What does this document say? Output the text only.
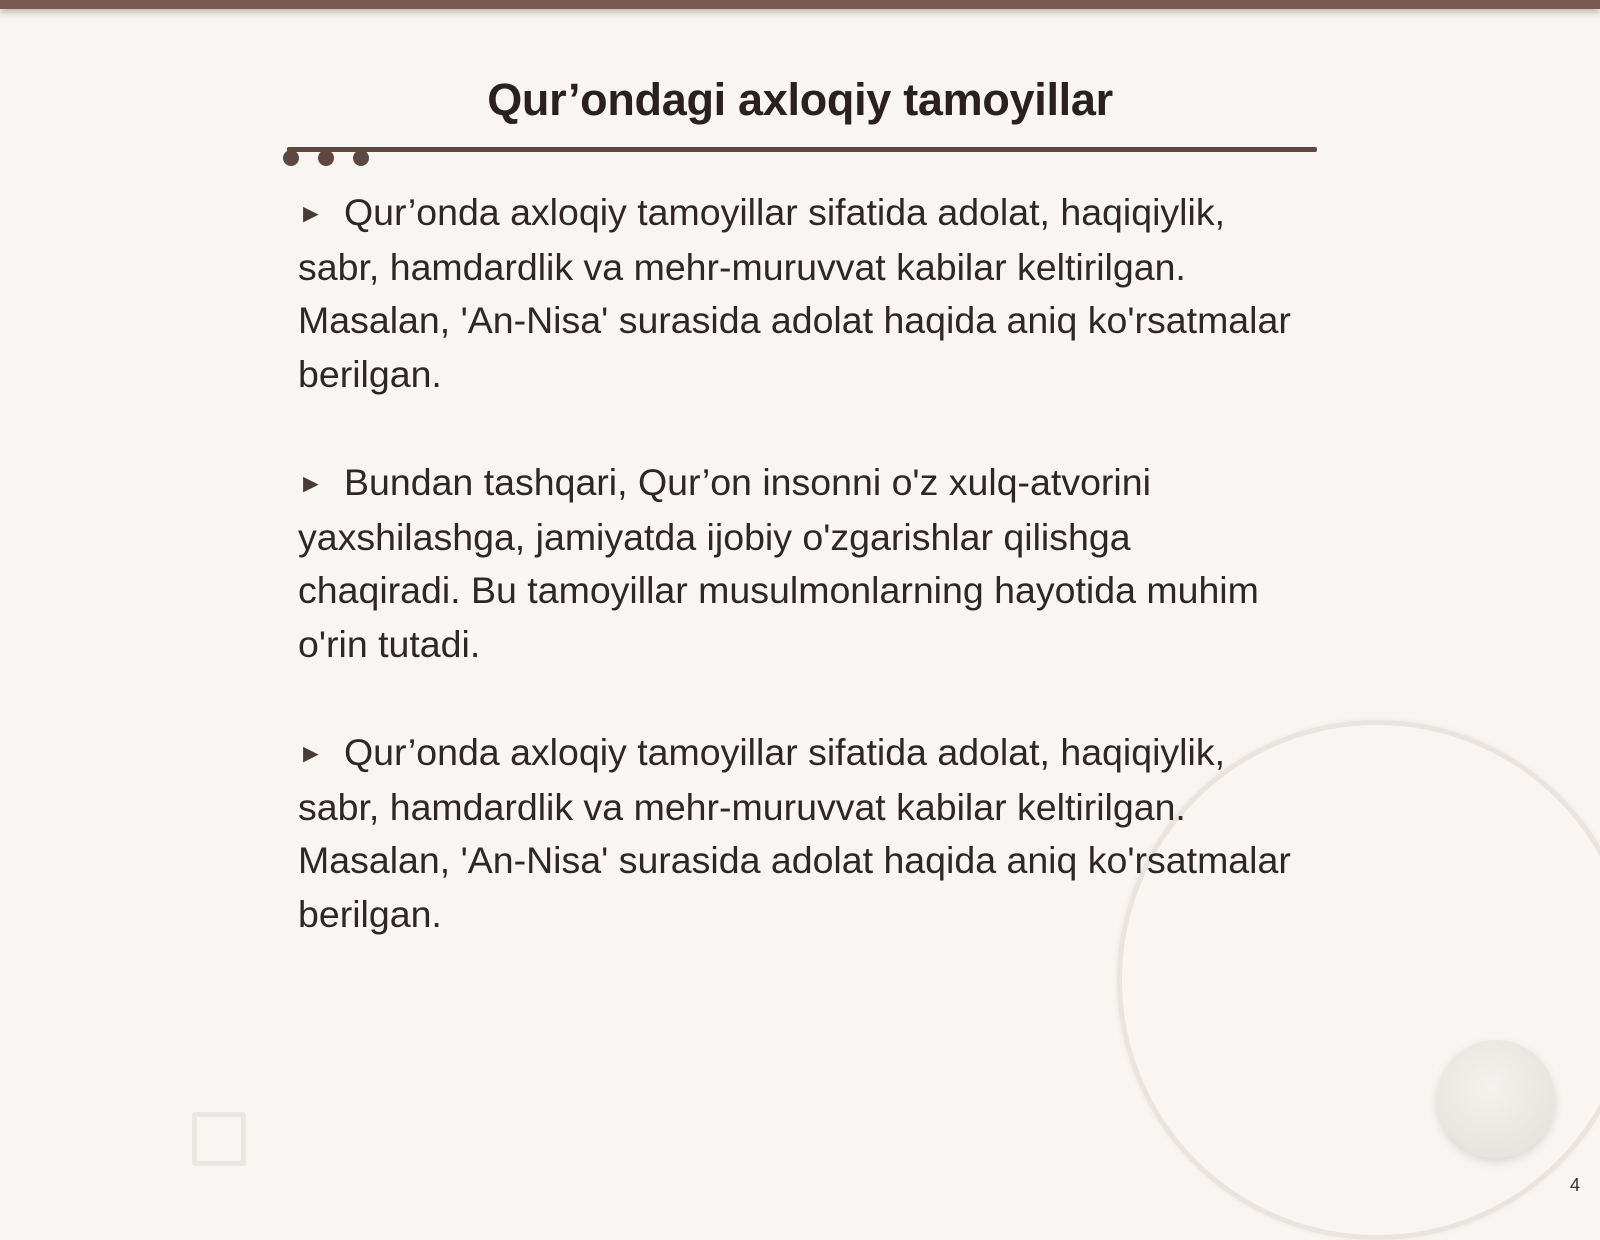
Qur’ondagi axloqiy tamoyillar

► Qur’onda axloqiy tamoyillar sifatida adolat, haqiqiylik, sabr, hamdardlik va mehr-muruvvat kabilar keltirilgan. Masalan, 'An-Nisa' surasida adolat haqida aniq ko'rsatmalar berilgan.

► Bundan tashqari, Qur’on insonni o'z xulq-atvorini yaxshilashga, jamiyatda ijobiy o'zgarishlar qilishga chaqiradi. Bu tamoyillar musulmonlarning hayotida muhim o'rin tutadi.

► Qur’onda axloqiy tamoyillar sifatida adolat, haqiqiylik, sabr, hamdardlik va mehr-muruvvat kabilar keltirilgan. Masalan, 'An-Nisa' surasida adolat haqida aniq ko'rsatmalar berilgan.

4
